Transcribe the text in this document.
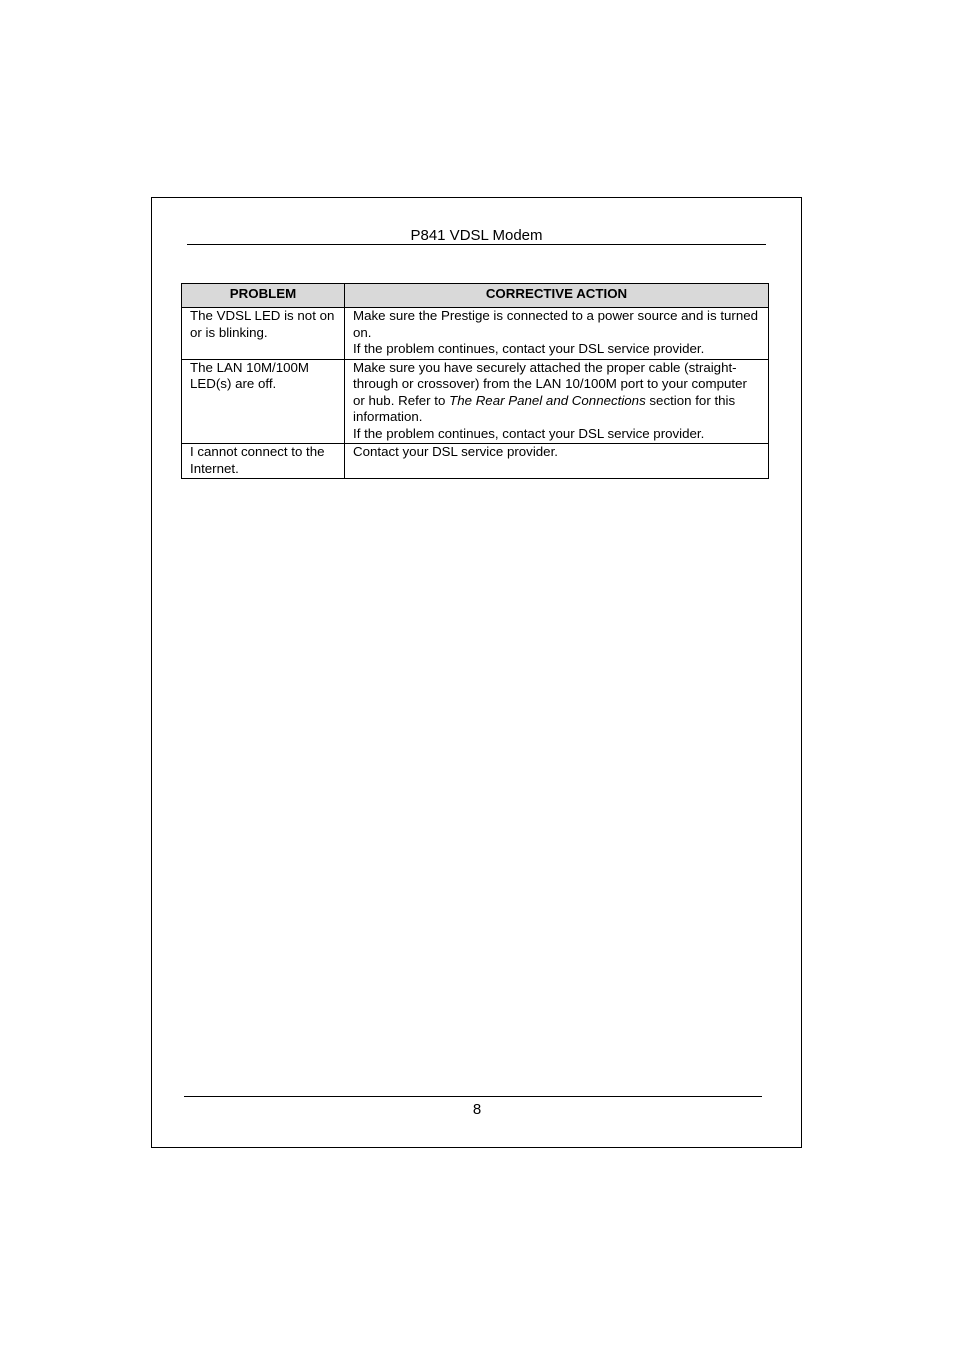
P841 VDSL Modem
PROBLEM	CORRECTIVE ACTION
The VDSL LED is not on or is blinking.	Make sure the Prestige is connected to a power source and is turned on.
If the problem continues, contact your DSL service provider.

The LAN 10M/100M LED(s) are off.	Make sure you have securely attached the proper cable (straight-through or crossover) from the LAN 10/100M port to your computer or hub. Refer to The Rear Panel and Connections section for this information.
If the problem continues, contact your DSL service provider.

I cannot connect to the Internet.	Contact your DSL service provider.
8
